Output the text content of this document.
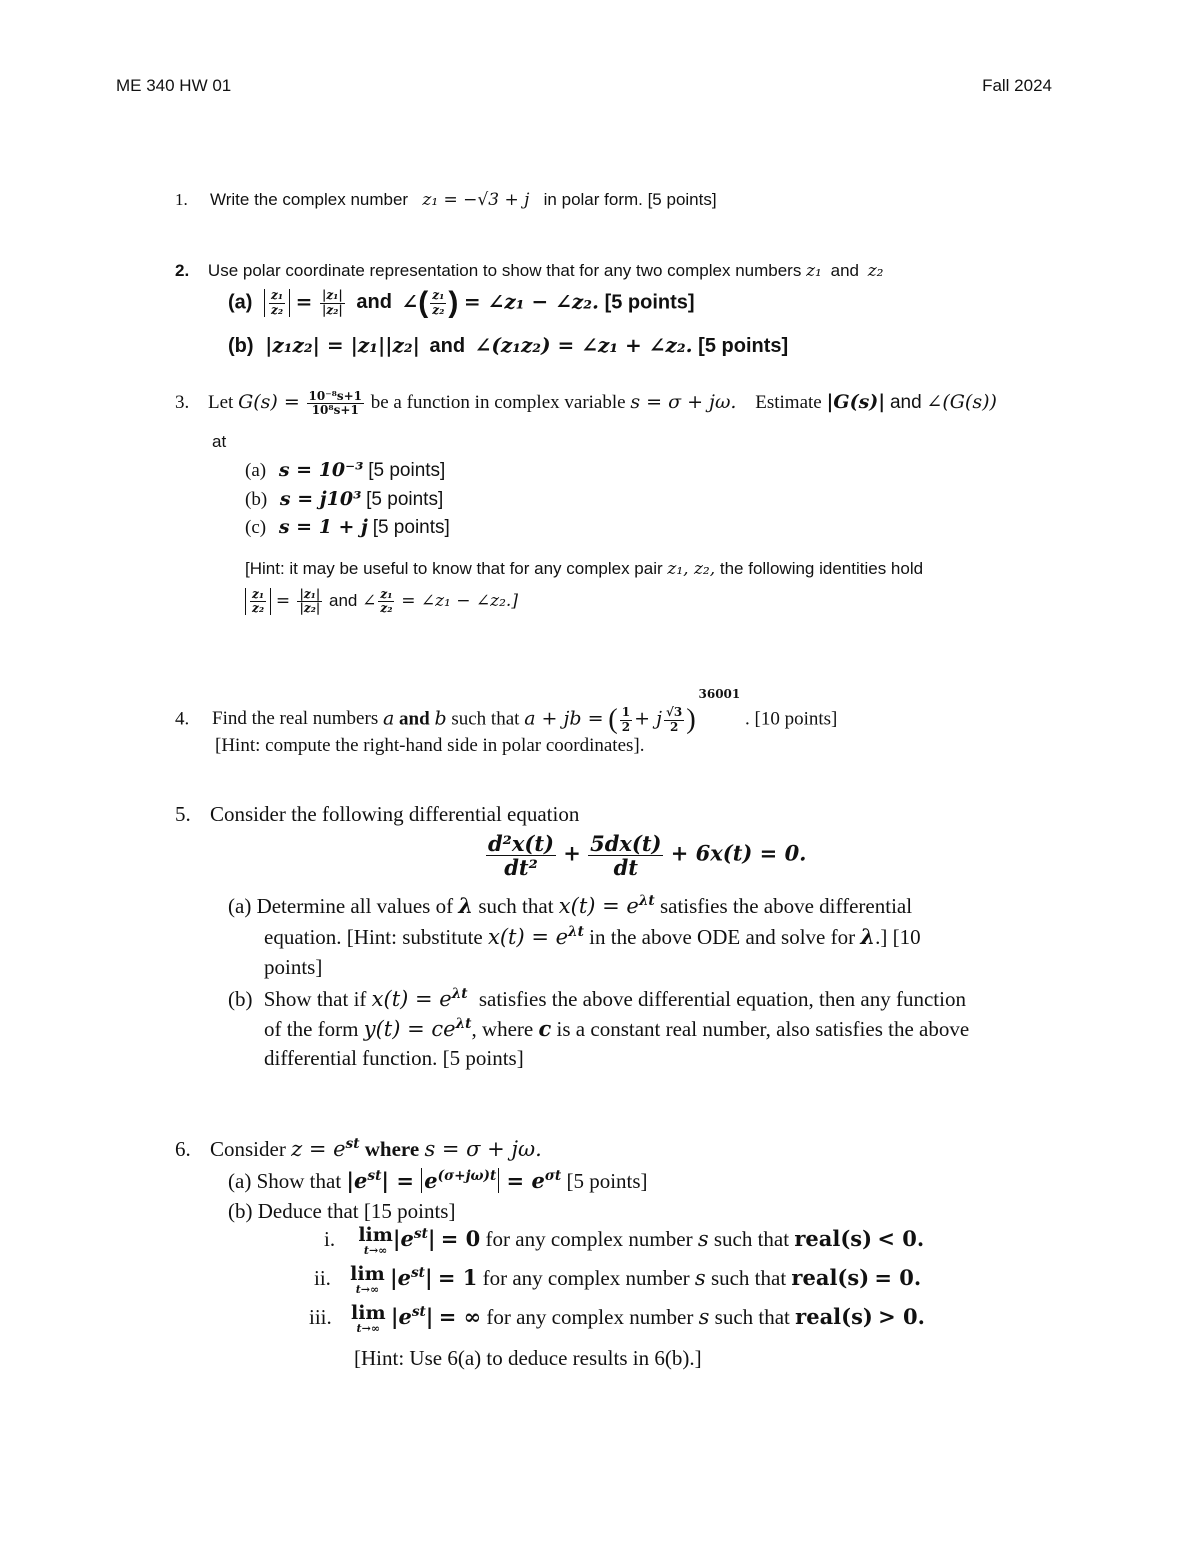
ME 340 HW 01	Fall 2024
1. Write the complex number z₁ = −√3 + j in polar form. [5 points]
2. Use polar coordinate representation to show that for any two complex numbers z₁ and z₂
$(a) \frac{\text{z₁}}{\text{z₂}} = \frac{\text{|z₁|}}{\text{|z₂|}}$ and ∠( $\frac{\text{z₁}}{\text{z₂}}$ ) = ∠z₁ − ∠z₂. [5 points]
(b) |z₁z₂| = |z₁||z₂| and ∠(z₁z₂) = ∠z₁ + ∠z₂. [5 points]
3. Let $G(s) = \frac{\text{10⁻⁸s+1}}{\text{10⁸s+1}}$ be a function in complex variable s = σ + jω. Estimate |G(s)| and ∠(G(s))
at
(a) s = 10⁻³ [5 points]
(b) s = j10³ [5 points]
(c) s = 1 + j [5 points]
[Hint: it may be useful to know that for any complex pair z₁, z₂, the following identities hold
$\frac{\text{z₁}}{\text{z₂}} = \frac{\text{|z₁|}}{\text{|z₂|}}$ and ∠ $\frac{\text{z₁}}{\text{z₂}}$ = ∠z₁ − ∠z₂.]
4. Find the real numbers a and b such that a + jb = ( $\frac{1}{2} + j \frac{√3}{2}$ ) $^{36001}$ . [10 points]
[Hint: compute the right-hand side in polar coordinates].
5. Consider the following differential equation
$\frac{\text{d²x(t)}}{\text{dt²}} + \frac{5dx(t)}{dt} + 6x(t) = 0$.
(a) Determine all values of λ such that $x(t) = e^{\lambda t}$ satisfies the above differential
equation. [Hint: substitute $x(t) = e^{\lambda t}$ in the above ODE and solve for λ.] [10
points]
(b) Show that if $x(t) = e^{\lambda t}$ satisfies the above differential equation, then any function
of the form $y(t) = ce^{\lambda t}$, where c is a constant real number, also satisfies the above
differential function. [5 points]
6. Consider $z = e^{st}$ where s = σ + jω.
(a) Show that $|e^{st}| = e^{(\sigma+j\omega)t} = e^{\sigma t}$ [5 points]
(b) Deduce that [15 points]
i. lim
t→∞ $|e^{st}| = 0$ for any complex number s such that real(s) < 0.
ii. lim
t→∞ $|e^{st}| = 1$ for any complex number s such that real(s) = 0.
iii. lim
t→∞ $|e^{st}|$ = ∞ for any complex number s such that real(s) > 0.
[Hint: Use 6(a) to deduce results in 6(b).]
